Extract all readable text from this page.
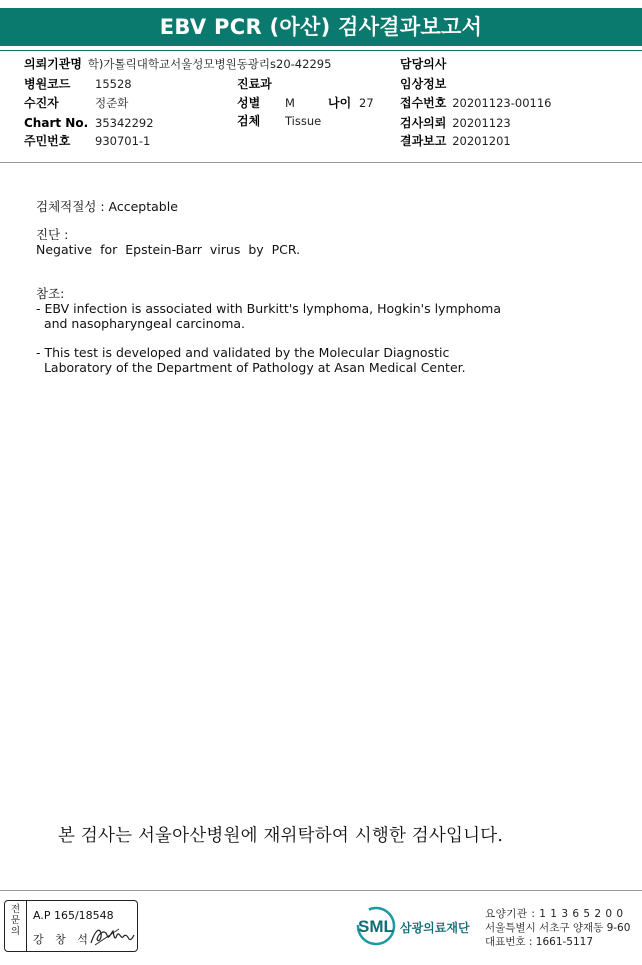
EBV PCR (아산) 검사결과보고서
의뢰기관명 학)가톨릭대학교서울성모병원동광리s20-42295	담당의사
병원코드 15528	진료과	임상정보
수진자	정준화	성별 M	나이 27 접수번호 20201123-00116
Chart No. 35342292	검체 Tissue	검사의뢰 20201123
주민번호 930701-1	결과보고 20201201
검체적절성 : Acceptable
진단 :
Negative for Epstein-Barr virus by PCR.
참조:
- EBV infection is associated with Burkitt's lymphoma, Hogkin's lymphoma
and nasopharyngeal carcinoma.
- This test is developed and validated by the Molecular Diagnostic
Laboratory of the Department of Pathology at Asan Medical Center.
본 검사는 서울아산병원에 재위탁하여 시행한 검사입니다.
전
문
의
A.P 165/18548
강 창 석
SML 삼광의료재단
요양기관 : 1 1 3 6 5 2 0 0
서울특별시 서초구 양재동 9-60
대표번호 : 1661-5117
